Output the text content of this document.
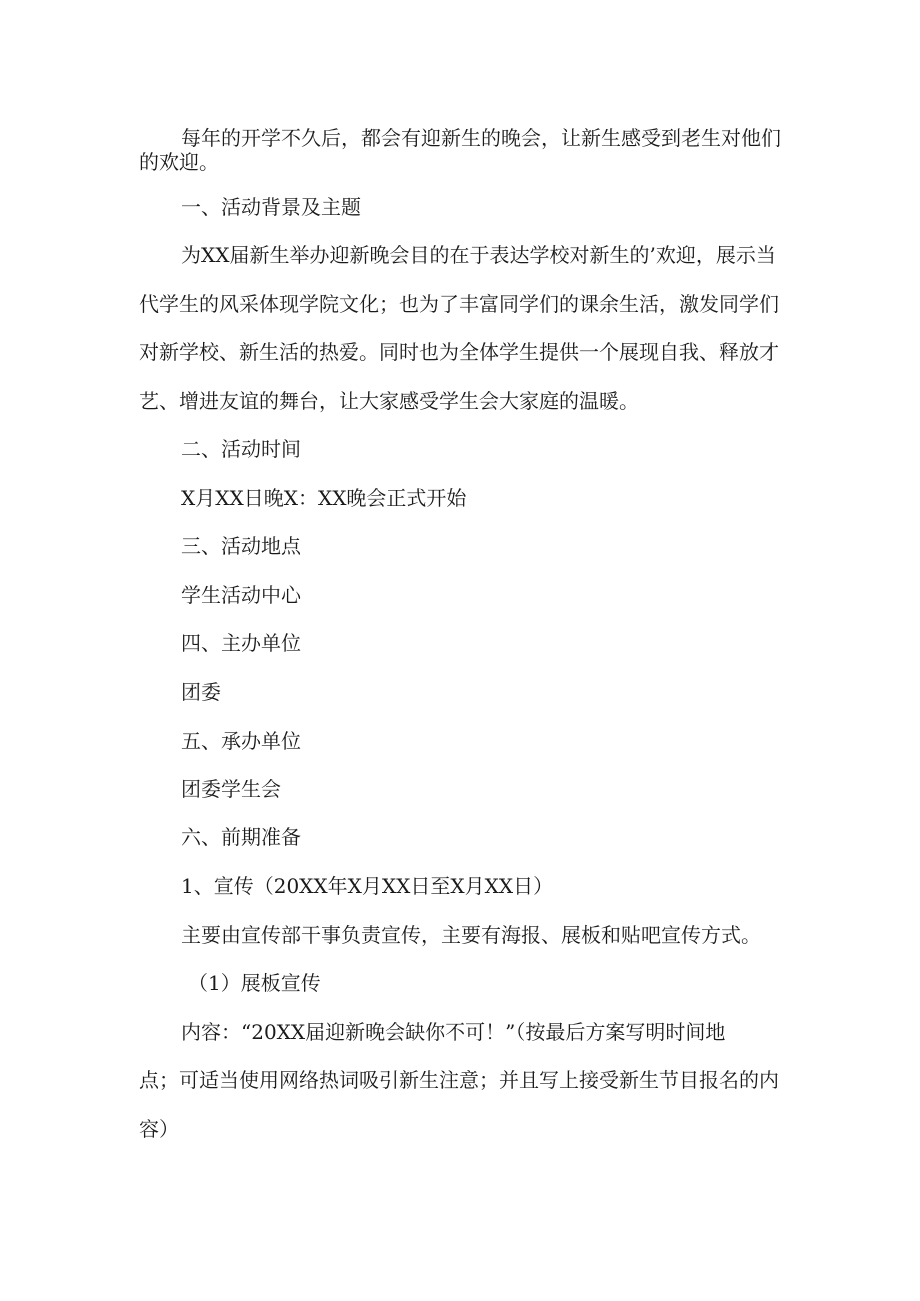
每年的开学不久后，都会有迎新生的晚会，让新生感受到老生对他们
的欢迎。
一、活动背景及主题
为XX届新生举办迎新晚会目的在于表达学校对新生的’欢迎，展示当
代学生的风采体现学院文化；也为了丰富同学们的课余生活，激发同学们
对新学校、新生活的热爱。同时也为全体学生提供一个展现自我、释放才
艺、增进友谊的舞台，让大家感受学生会大家庭的温暖。
二、活动时间
X月XX日晚X：XX晚会正式开始
三、活动地点
学生活动中心
四、主办单位
团委
五、承办单位
团委学生会
六、前期准备
1、宣传（20XX年X月XX日至X月XX日）
主要由宣传部干事负责宣传，主要有海报、展板和贴吧宣传方式。
（1）展板宣传
内容：“20XX届迎新晚会缺你不可！”（按最后方案写明时间地
点；可适当使用网络热词吸引新生注意；并且写上接受新生节目报名的内
容）
